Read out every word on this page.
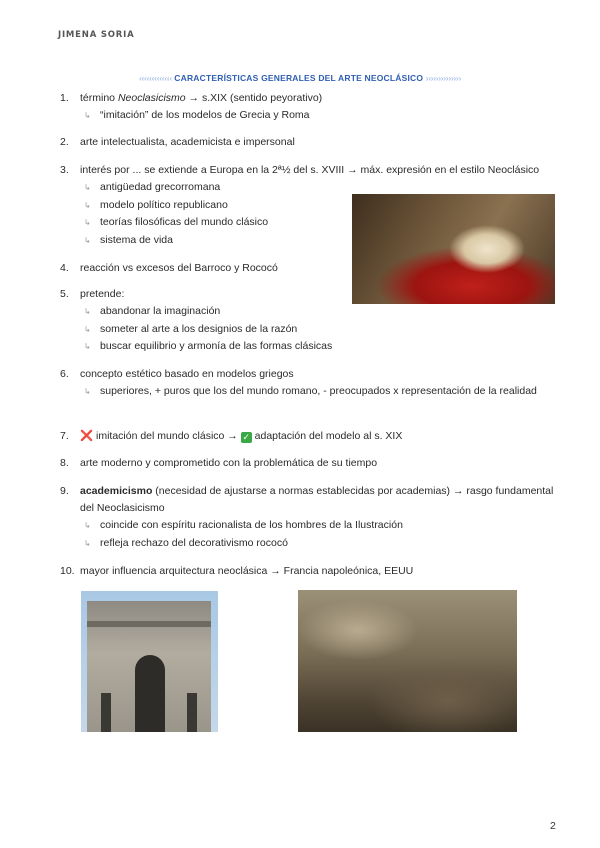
JIMENA SORIA
‹‹‹‹‹‹‹‹‹‹‹‹‹ CARACTERÍSTICAS GENERALES DEL ARTE NEOCLÁSICO ››››››››››››››
1. término Neoclasicismo → s.XIX (sentido peyorativo)
↳ “imitación” de los modelos de Grecia y Roma
2. arte intelectualista, academicista e impersonal
3. interés por ... se extiende a Europa en la 2ª½ del s. XVIII → máx. expresión en el estilo Neoclásico
↳ antigüedad grecorromana
↳ modelo político republicano
↳ teorías filosóficas del mundo clásico
↳ sistema de vida
4. reacción vs excesos del Barroco y Rococó
5. pretende:
↳ abandonar la imaginación
↳ someter al arte a los designios de la razón
↳ buscar equilibrio y armonía de las formas clásicas
6. concepto estético basado en modelos griegos
↳ superiores, + puros que los del mundo romano, - preocupados x representación de la realidad
7. ❌ imitación del mundo clásico → ✓ adaptación del modelo al s. XIX
8. arte moderno y comprometido con la problemática de su tiempo
9. academicismo (necesidad de ajustarse a normas establecidas por academias) → rasgo fundamental del Neoclasicismo
↳ coincide con espíritu racionalista de los hombres de la Ilustración
↳ refleja rechazo del decorativismo rococó
10. mayor influencia arquitectura neoclásica → Francia napoleónica, EEUU
2
